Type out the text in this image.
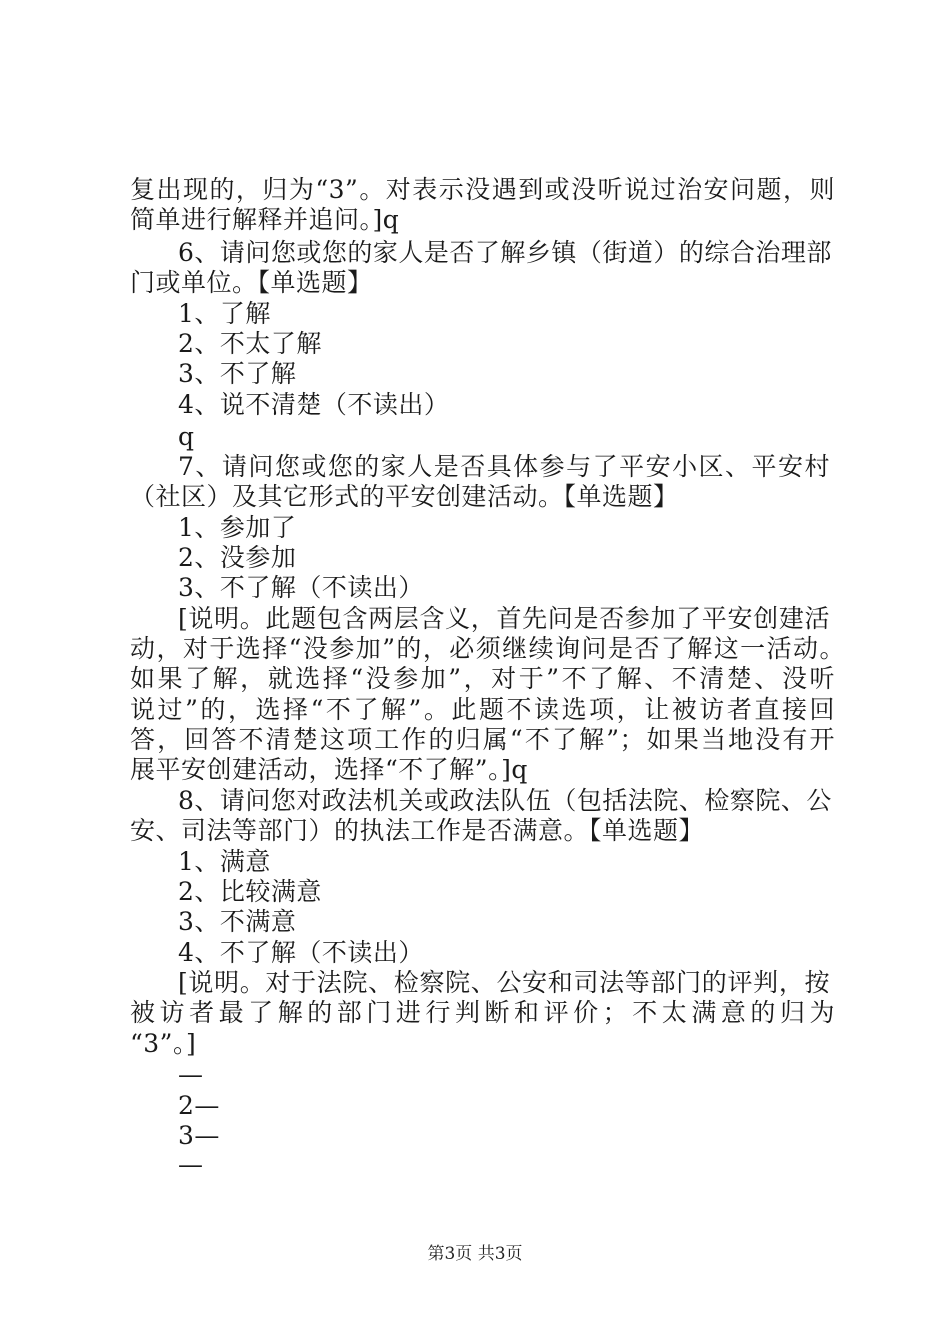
复出现的，归为“3”。对表示没遇到或没听说过治安问题，则
简单进行解释并追问。]q
6、请问您或您的家人是否了解乡镇（街道）的综合治理部
门或单位。【单选题】
1、了解
2、不太了解
3、不了解
4、说不清楚（不读出）
q
7、请问您或您的家人是否具体参与了平安小区、平安村
（社区）及其它形式的平安创建活动。【单选题】
1、参加了
2、没参加
3、不了解（不读出）
[说明。此题包含两层含义，首先问是否参加了平安创建活
动，对于选择“没参加”的，必须继续询问是否了解这一活动。
如果了解，就选择“没参加”，对于”不了解、不清楚、没听
说过”的，选择“不了解”。此题不读选项，让被访者直接回
答，回答不清楚这项工作的归属“不了解”；如果当地没有开
展平安创建活动，选择“不了解”。]q
8、请问您对政法机关或政法队伍（包括法院、检察院、公
安、司法等部门）的执法工作是否满意。【单选题】
1、满意
2、比较满意
3、不满意
4、不了解（不读出）
[说明。对于法院、检察院、公安和司法等部门的评判，按
被访者最了解的部门进行判断和评价；不太满意的归为
“3”。]
—
2—
3—
—
第3页 共3页
